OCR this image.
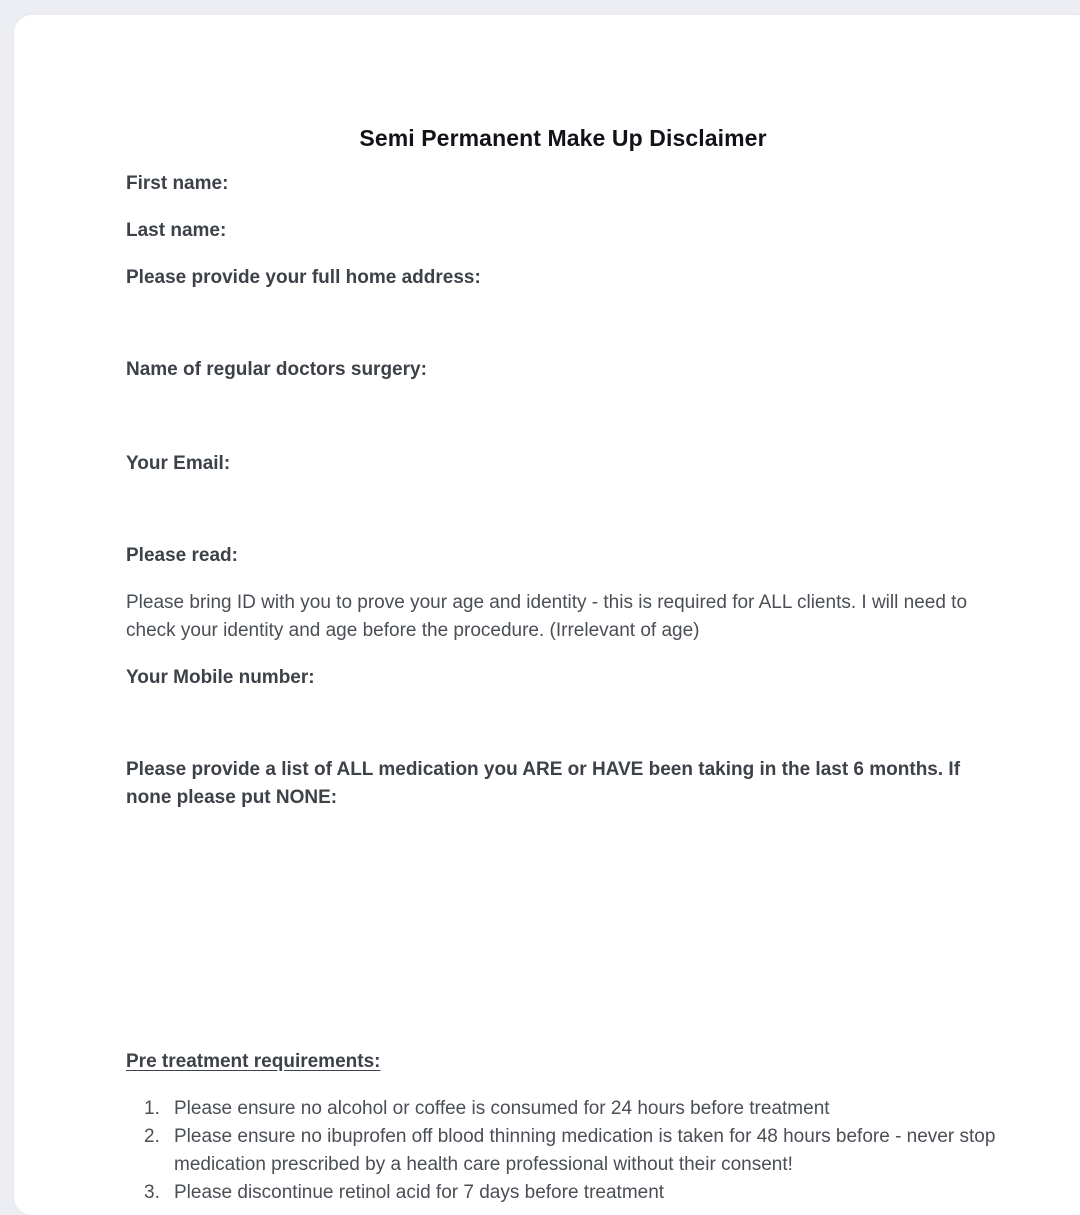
Semi Permanent Make Up Disclaimer
First name:
Last name:
Please provide your full home address:
Name of regular doctors surgery:
Your Email:
Please read:
Please bring ID with you to prove your age and identity - this is required for ALL clients. I will need to check your identity and age before the procedure. (Irrelevant of age)
Your Mobile number:
Please provide a list of ALL medication you ARE or HAVE been taking in the last 6 months. If none please put NONE:
Pre treatment requirements:
1. Please ensure no alcohol or coffee is consumed for 24 hours before treatment
2. Please ensure no ibuprofen off blood thinning medication is taken for 48 hours before - never stop medication prescribed by a health care professional without their consent!
3. Please discontinue retinol acid for 7 days before treatment
